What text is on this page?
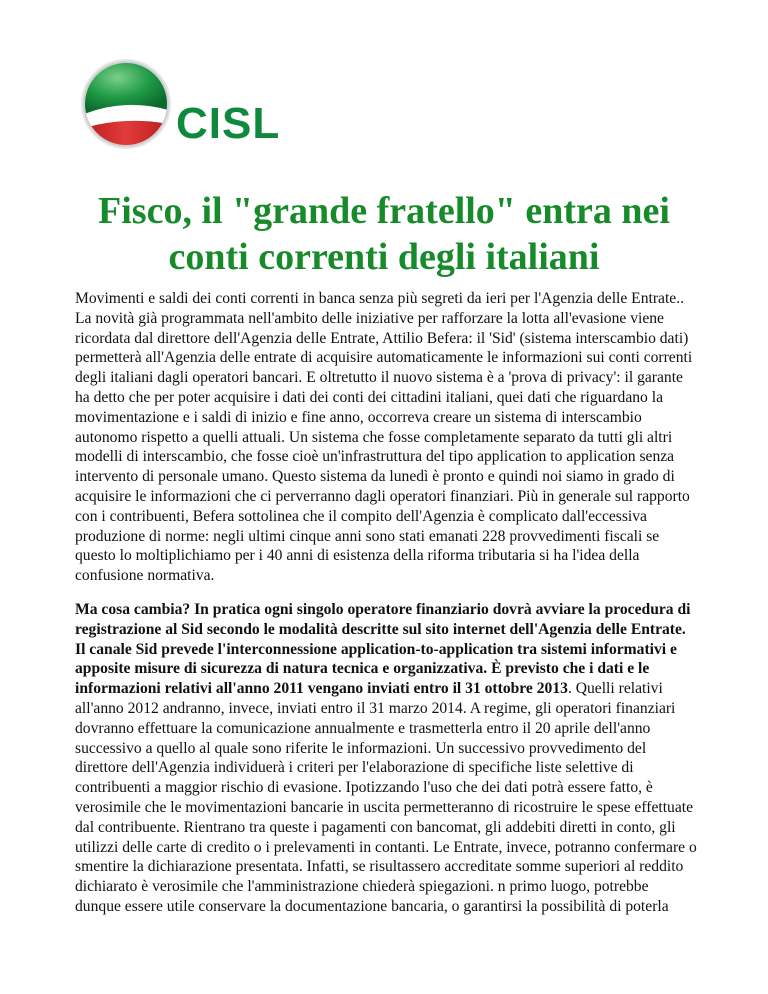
CISL
Fisco, il "grande fratello" entra nei conti correnti degli italiani

Movimenti e saldi dei conti correnti in banca senza più segreti da ieri per l'Agenzia delle Entrate.. La novità già programmata nell'ambito delle iniziative per rafforzare la lotta all'evasione viene ricordata dal direttore dell'Agenzia delle Entrate, Attilio Befera: il 'Sid' (sistema interscambio dati) permetterà all'Agenzia delle entrate di acquisire automaticamente le informazioni sui conti correnti degli italiani dagli operatori bancari. E oltretutto il nuovo sistema è a 'prova di privacy': il garante ha detto che per poter acquisire i dati dei conti dei cittadini italiani, quei dati che riguardano la movimentazione e i saldi di inizio e fine anno, occorreva creare un sistema di interscambio autonomo rispetto a quelli attuali. Un sistema che fosse completamente separato da tutti gli altri modelli di interscambio, che fosse cioè un'infrastruttura del tipo application to application senza intervento di personale umano. Questo sistema da lunedì è pronto e quindi noi siamo in grado di acquisire le informazioni che ci perverranno dagli operatori finanziari. Più in generale sul rapporto con i contribuenti, Befera sottolinea che il compito dell'Agenzia è complicato dall'eccessiva produzione di norme: negli ultimi cinque anni sono stati emanati 228 provvedimenti fiscali se questo lo moltiplichiamo per i 40 anni di esistenza della riforma tributaria si ha l'idea della confusione normativa.

Ma cosa cambia? In pratica ogni singolo operatore finanziario dovrà avviare la procedura di registrazione al Sid secondo le modalità descritte sul sito internet dell'Agenzia delle Entrate. Il canale Sid prevede l'interconnessione application-to-application tra sistemi informativi e apposite misure di sicurezza di natura tecnica e organizzativa. È previsto che i dati e le informazioni relativi all'anno 2011 vengano inviati entro il 31 ottobre 2013. Quelli relativi all'anno 2012 andranno, invece, inviati entro il 31 marzo 2014. A regime, gli operatori finanziari dovranno effettuare la comunicazione annualmente e trasmetterla entro il 20 aprile dell'anno successivo a quello al quale sono riferite le informazioni. Un successivo provvedimento del direttore dell'Agenzia individuerà i criteri per l'elaborazione di specifiche liste selettive di contribuenti a maggior rischio di evasione. Ipotizzando l'uso che dei dati potrà essere fatto, è verosimile che le movimentazioni bancarie in uscita permetteranno di ricostruire le spese effettuate dal contribuente. Rientrano tra queste i pagamenti con bancomat, gli addebiti diretti in conto, gli utilizzi delle carte di credito o i prelevamenti in contanti. Le Entrate, invece, potranno confermare o smentire la dichiarazione presentata. Infatti, se risultassero accreditate somme superiori al reddito dichiarato è verosimile che l'amministrazione chiederà spiegazioni. n primo luogo, potrebbe dunque essere utile conservare la documentazione bancaria, o garantirsi la possibilità di poterla
